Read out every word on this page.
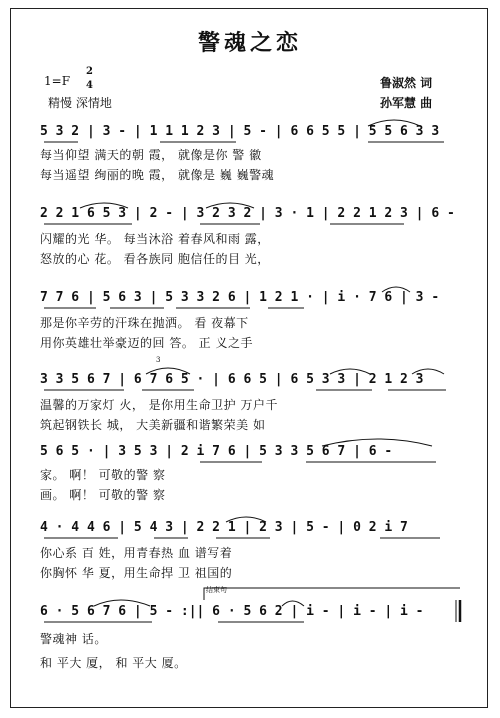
警魂之恋
1=F
2
4
精慢 深情地
鲁淑然 词
孙军慧 曲
5 3 2 | 3 - | 1 1 1 2 3 | 5 - | 6 6 5 5 | 5 5 6 3 3
每当仰望 满天的朝 霞， 就像是你 警 徽
每当遥望 绚丽的晚 霞， 就像是 巍 巍警魂
2 2 1 6 5 3 | 2 - | 3 2 3 2 | 3 · 1 | 2 2 1 2 3 | 6 -
闪耀的光 华。 每当沐浴 着春风和雨 露，
怒放的心 花。 看各族同 胞信任的目 光，
7 7 6 | 5 6 3 | 5 3 3 2 6 | 1 2 1 · | i · 7 6 | 3 -
那是你辛劳的汗珠在抛洒。 看 夜幕下
用你英雄壮举豪迈的回 答。 正 义之手
3
3 3 5 6 7 | 6 7 6 5 · | 6 6 5 | 6 5 3 3 | 2 1 2 3
温馨的万家灯 火， 是你用生命卫护 万户千
筑起钢铁长 城， 大美新疆和谐繁荣美 如
5 6 5 · | 3 5 3 | 2 i 7 6 | 5 3 3 5 6 7 | 6 -
家。 啊！ 可敬的警 察
画。 啊！ 可敬的警 察
4 · 4 4 6 | 5 4 3 | 2 2 1 | 2 3 | 5 - | 0 2 i 7
你心系 百 姓，用青春热 血 谱写着
你胸怀 华 夏，用生命捍 卫 祖国的
结束句
6 · 5 6 7 6 | 5 - :|| 6 · 5 6 2 | i - | i - | i -
警魂神 话。
和 平大 厦， 和 平大 厦。
